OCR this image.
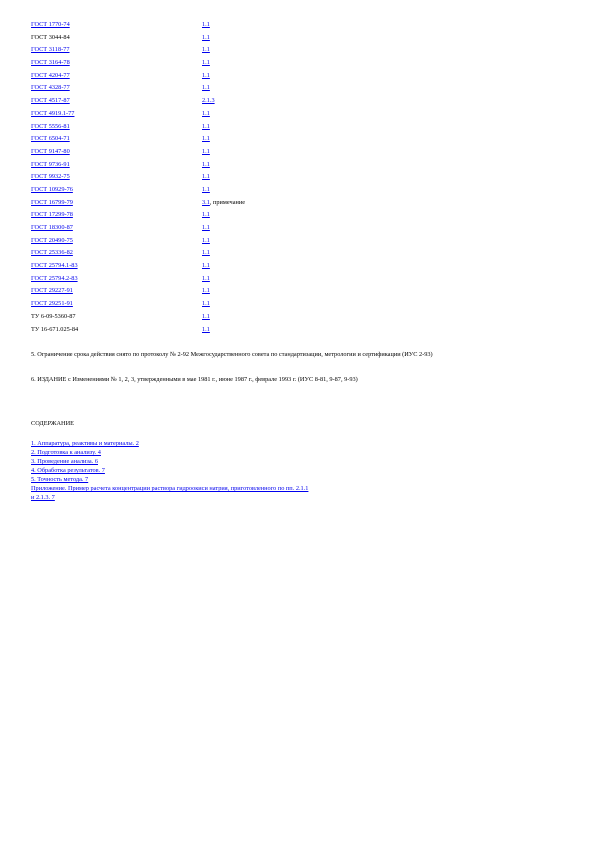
ГОСТ 1770-74	1.1
ГОСТ 3044-84	1.1
ГОСТ 3118-77	1.1
ГОСТ 3164-78	1.1
ГОСТ 4204-77	1.1
ГОСТ 4328-77	1.1
ГОСТ 4517-87	2.1.3
ГОСТ 4919.1-77	1.1
ГОСТ 5556-81	1.1
ГОСТ 6504-71	1.1
ГОСТ 9147-80	1.1
ГОСТ 9736-91	1.1
ГОСТ 9932-75	1.1
ГОСТ 10929-76	1.1
ГОСТ 16799-79	3.1, примечание
ГОСТ 17299-78	1.1
ГОСТ 18300-87	1.1
ГОСТ 20490-75	1.1
ГОСТ 25336-82	1.1
ГОСТ 25794.1-83	1.1
ГОСТ 25794.2-83	1.1
ГОСТ 29227-91	1.1
ГОСТ 29251-91	1.1
ТУ 6-09-5360-87	1.1
ТУ 16-671.025-84	1.1

5. Ограничение срока действия снято по протоколу № 2-92 Межгосударственного совета по стандартизации, метрологии и сертификации (ИУС 2-93)

6. ИЗДАНИЕ с Изменениями № 1, 2, 3, утвержденными в мае 1981 г., июне 1987 г., феврале 1993 г. (ИУС 8-81, 9-87, 9-93)

СОДЕРЖАНИЕ
1. Аппаратура, реактивы и материалы. 2
2. Подготовка к анализу. 4
3. Проведение анализа. 6
4. Обработка результатов. 7
5. Точность метода. 7
Приложение. Пример расчета концентрации раствора гидроокиси натрия, приготовленного по пп. 2.1.1
и 2.1.3. 7
